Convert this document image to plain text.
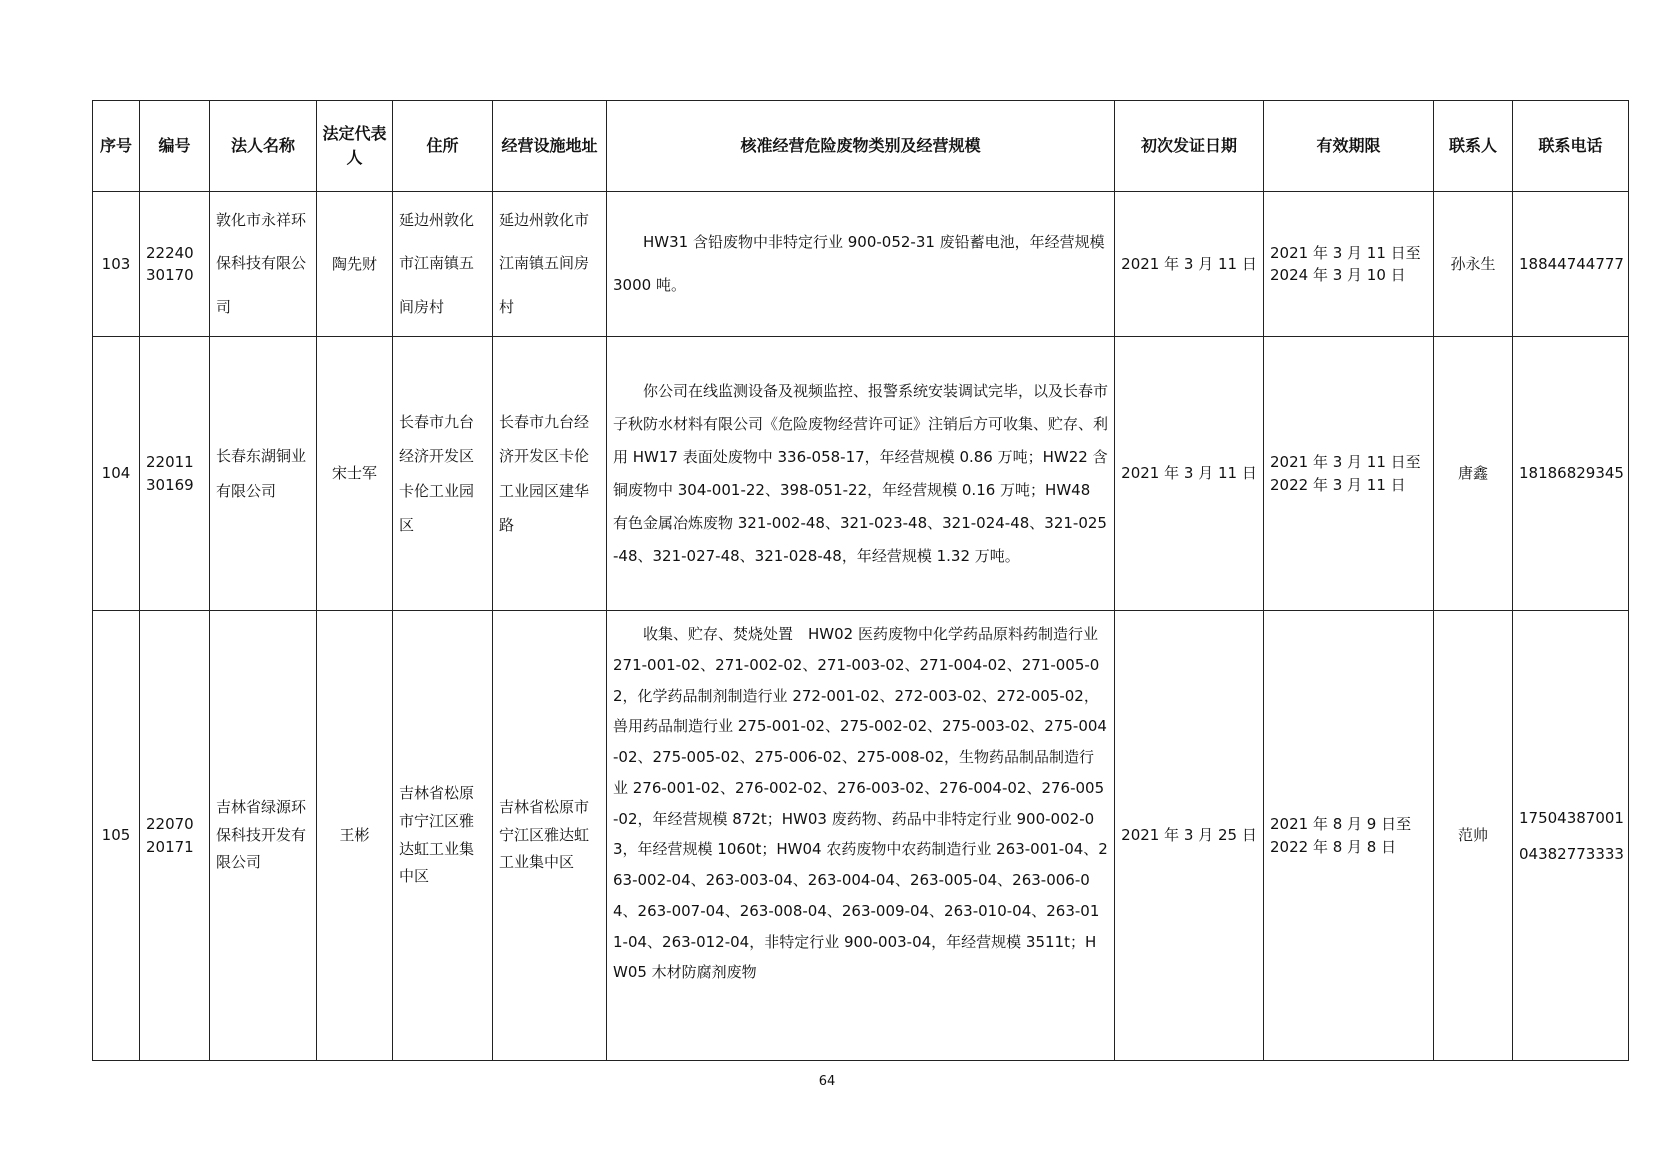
序号	编号	法人名称	法定代表人	住所	经营设施地址	核准经营危险废物类别及经营规模	初次发证日期	有效期限	联系人	联系电话
103	2224030170	敦化市永祥环保科技有限公司	陶先财	延边州敦化市江南镇五间房村	延边州敦化市江南镇五间房村	HW31 含铅废物中非特定行业 900-052-31 废铅蓄电池，年经营规模 3000 吨。	2021 年 3 月 11 日	2021 年 3 月 11 日至 2024 年 3 月 10 日	孙永生	18844744777

104	2201130169	长春东湖铜业有限公司	宋士军	长春市九台经济开发区卡伦工业园区	长春市九台经济开发区卡伦工业园区建华路	你公司在线监测设备及视频监控、报警系统安装调试完毕，以及长春市子秋防水材料有限公司《危险废物经营许可证》注销后方可收集、贮存、利用 HW17 表面处废物中 336-058-17，年经营规模 0.86 万吨；HW22 含铜废物中 304-001-22、398-051-22，年经营规模 0.16 万吨；HW48 有色金属冶炼废物 321-002-48、321-023-48、321-024-48、321-025-48、321-027-48、321-028-48，年经营规模 1.32 万吨。	2021 年 3 月 11 日	2021 年 3 月 11 日至 2022 年 3 月 11 日	唐鑫	18186829345

105	2207020171	吉林省绿源环保科技开发有限公司	王彬	吉林省松原市宁江区雅达虹工业集中区	吉林省松原市宁江区雅达虹工业集中区	收集、贮存、焚烧处置　HW02 医药废物中化学药品原料药制造行业 271-001-02、271-002-02、271-003-02、271-004-02、271-005-02，化学药品制剂制造行业 272-001-02、272-003-02、272-005-02，兽用药品制造行业 275-001-02、275-002-02、275-003-02、275-004-02、275-005-02、275-006-02、275-008-02，生物药品制品制造行业 276-001-02、276-002-02、276-003-02、276-004-02、276-005-02，年经营规模 872t；HW03 废药物、药品中非特定行业 900-002-03，年经营规模 1060t；HW04 农药废物中农药制造行业 263-001-04、263-002-04、263-003-04、263-004-04、263-005-04、263-006-04、263-007-04、263-008-04、263-009-04、263-010-04、263-011-04、263-012-04，非特定行业 900-003-04，年经营规模 3511t；HW05 木材防腐剂废物	2021 年 3 月 25 日	2021 年 8 月 9 日至 2022 年 8 月 8 日	范帅	17504387001
04382773333
64
